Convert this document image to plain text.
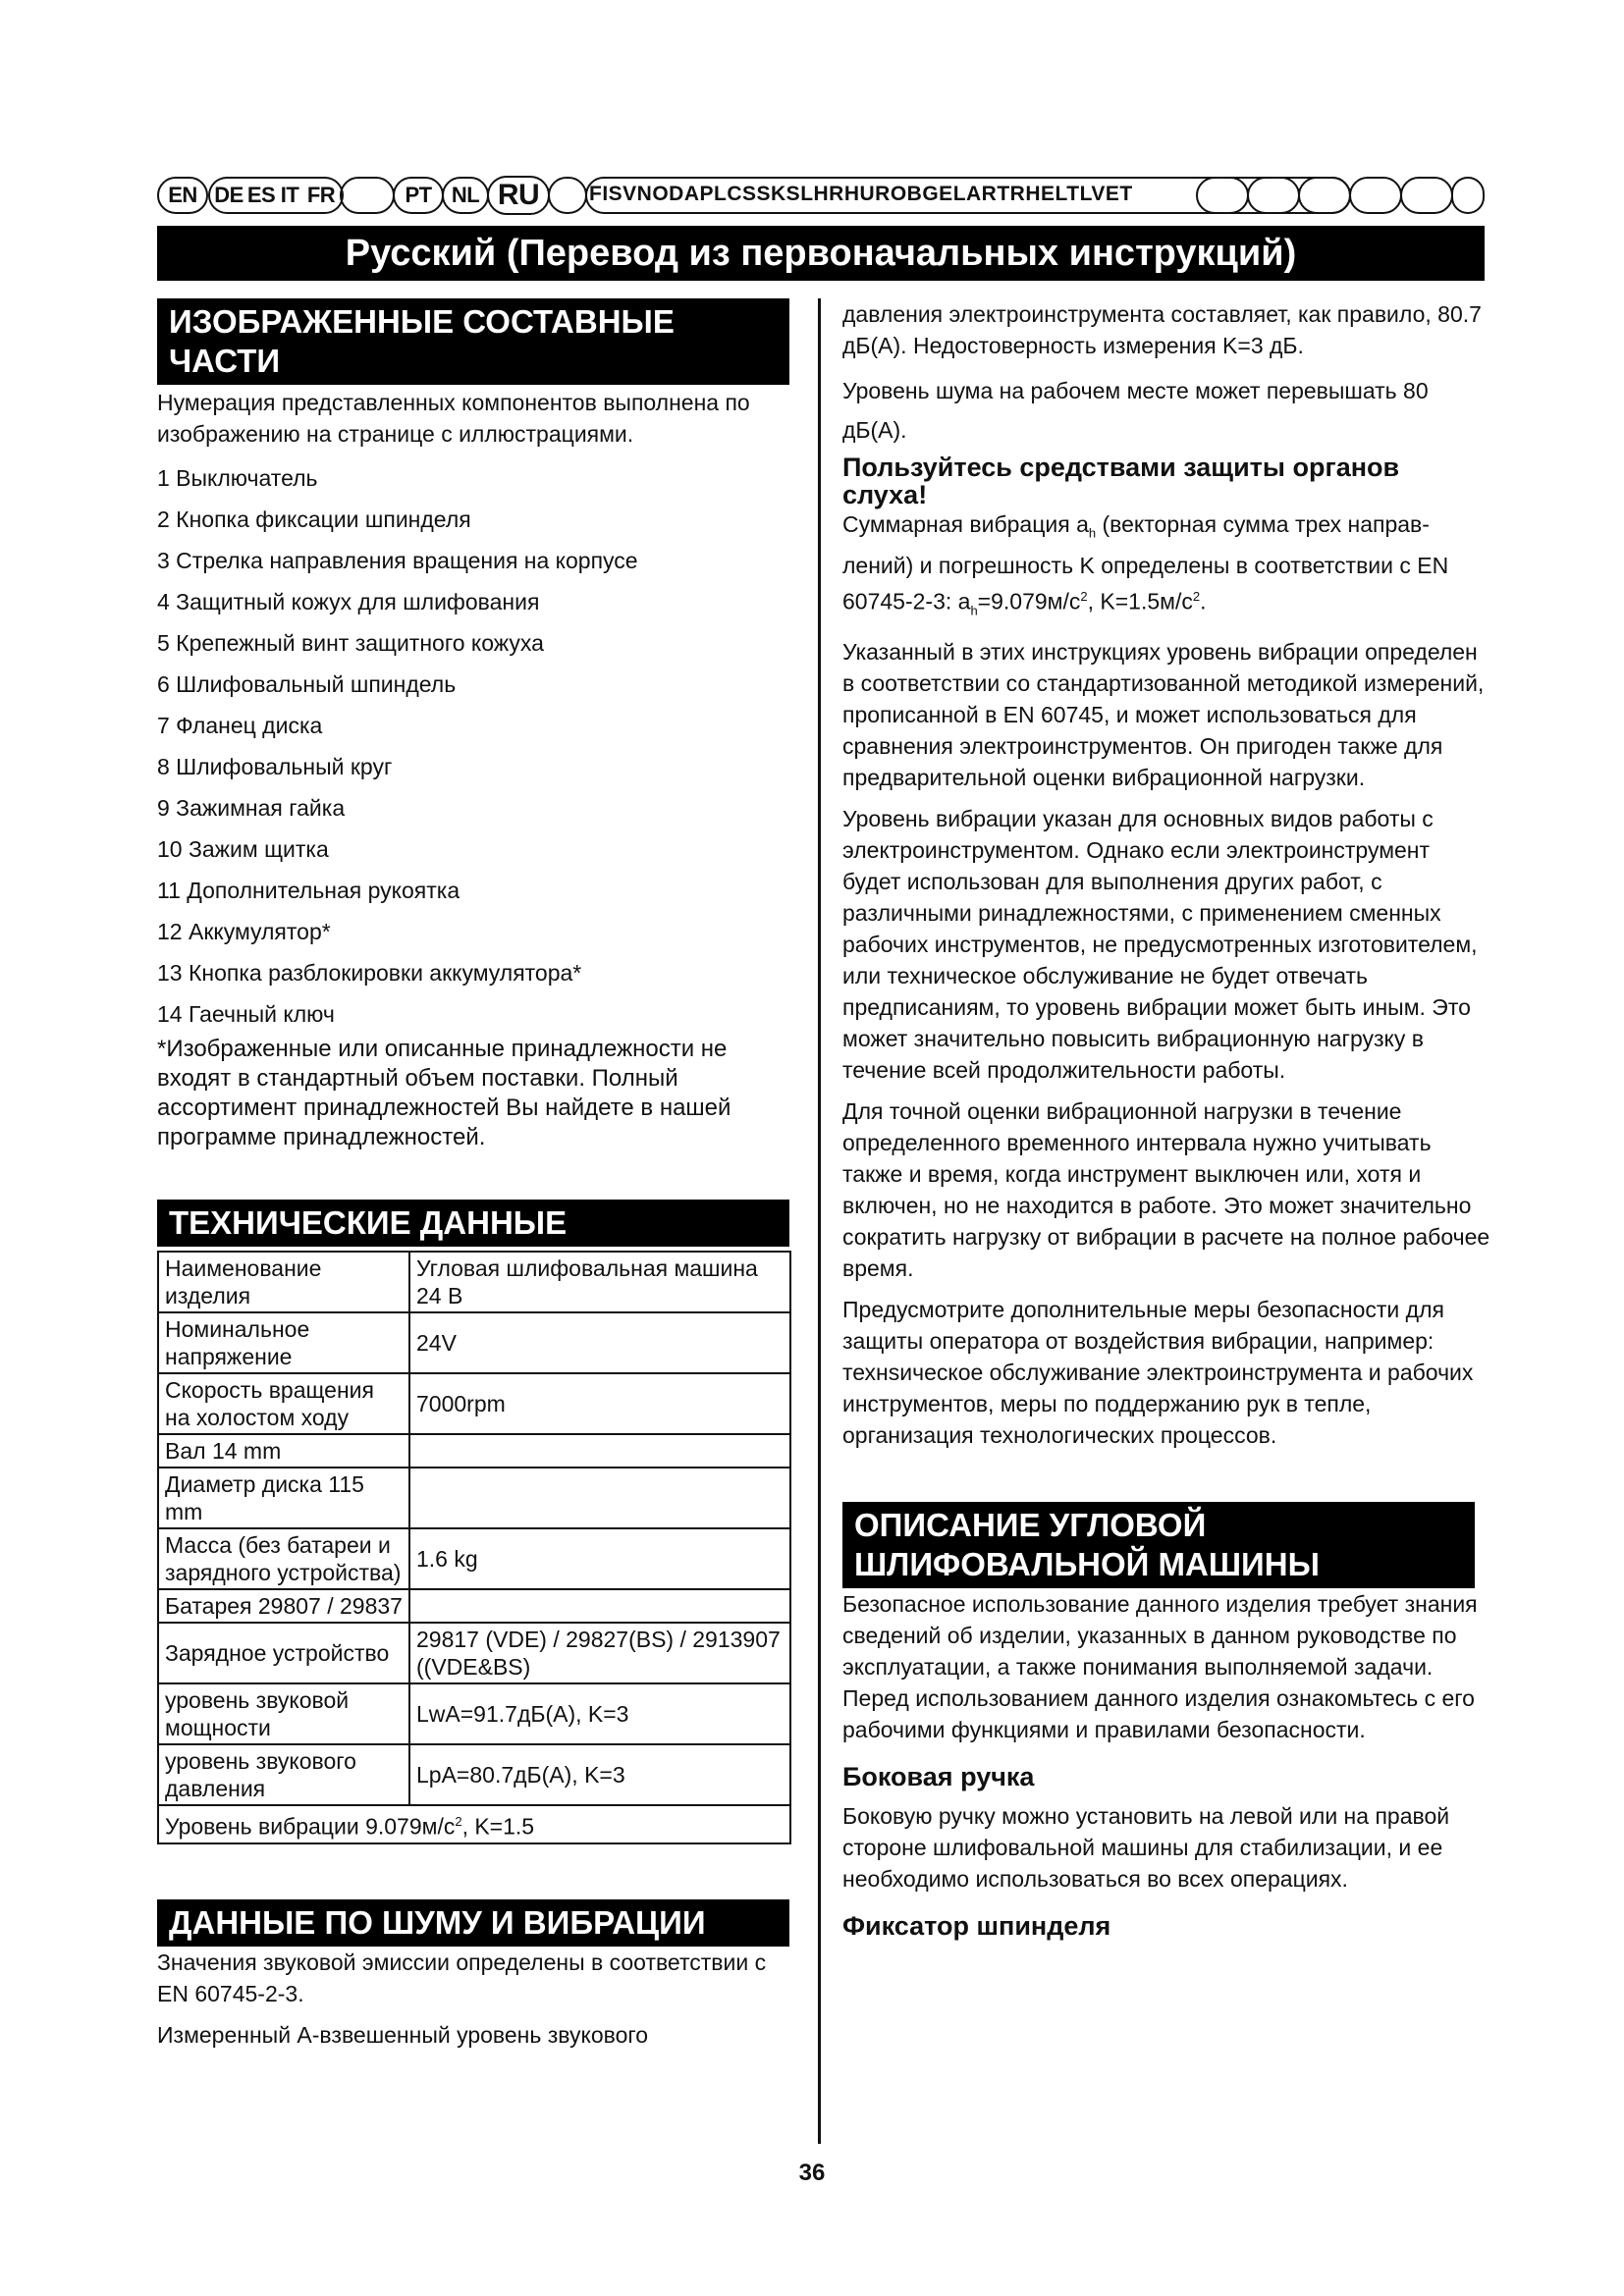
EN DE ES IT FR	PT NL RU	FISVNODAPLCSSKSLHRHUROBGELARTRHELTLVET
Русский (Перевод из первоначальных инструкций)
ИЗОБРАЖЕННЫЕ СОСТАВНЫЕ
ЧАСТИ

Нумерация представленных компонентов выполнена по изображению на странице с иллюстрациями.

1 Выключатель
2 Кнопка фиксации шпинделя
3 Стрелка направления вращения на корпусе
4 Защитный кожух для шлифования
5 Крепежный винт защитного кожуха
6 Шлифовальный шпиндель
7 Фланец диска
8 Шлифовальный круг
9 Зажимная гайка
10 Зажим щитка
11 Дополнительная рукоятка
12 Аккумулятор*
13 Кнопка разблокировки аккумулятора*
14 Гаечный ключ

*Изображенные или описанные принадлежности не входят в стандартный объем поставки. Полный ассортимент принадлежностей Вы найдете в нашей программе принадлежностей.

ТЕХНИЧЕСКИЕ ДАННЫЕ
Наименование изделия	Угловая шлифовальная машина 24 В
Номинальное напряжение	24V
Скорость вращения на холостом ходу	7000rpm
Вал 14 mm	
Диаметр диска 115 mm	
Масса (без батареи и зарядного устройства)	1.6 kg
Батарея 29807 / 29837	
Зарядное устройство	29817 (VDE) / 29827(BS) / 2913907 ((VDE&BS)
уровень звуковой мощности	LwA=91.7дБ(A), K=3
уровень звукового давления	LpA=80.7дБ(A), K=3
Уровень вибрации $9.079м/с^2$, K=1.5	
ДАННЫЕ ПО ШУМУ И ВИБРАЦИИ

Значения звуковой эмиссии определены в соответствии с EN 60745-2-3.

Измеренный А-взвешенный уровень звукового

давления электроинструмента составляет, как правило, 80.7 дБ(A). Недостоверность измерения K=3 дБ.

Уровень шума на рабочем месте может перевышать 80 дБ(A).

Пользуйтесь средствами защиты органов слуха!

Суммарная вибрация $a_h$ (векторная сумма трех направ- лений) и погрешность K определены в соответствии с EN 60745-2-3: $a_h=9.079м/с^2$, $K=1.5м/с^2$.

Указанный в этих инструкциях уровень вибрации определен в соответствии со стандартизованной методикой измерений, прописанной в EN 60745, и может использоваться для сравнения электроинструментов. Он пригоден также для предварительной оценки вибрационной нагрузки.

Уровень вибрации указан для основных видов работы с электроинструментом. Однако если электроинструмент будет использован для выполнения других работ, с различными ринадлежностями, с применением сменных рабочих инструментов, не предусмотренных изготовителем, или техническое обслуживание не будет отвечать предписаниям, то уровень вибрации может быть иным. Это может значительно повысить вибрационную нагрузку в течение всей продолжительности работы.

Для точной оценки вибрационной нагрузки в течение определенного временного интервала нужно учитывать также и время, когда инструмент выключен или, хотя и включен, но не находится в работе. Это может значительно сократить нагрузку от вибрации в расчете на полное рабочее время.

Предусмотрите дополнительные меры безопасности для защиты оператора от воздействия вибрации, например: технsическое обслуживание электроинструмента и рабочих инструментов, меры по поддержанию рук в тепле, организация технологических процессов.

ОПИСАНИЕ УГЛОВОЙ
ШЛИФОВАЛЬНОЙ МАШИНЫ

Безопасное использование данного изделия требует знания сведений об изделии, указанных в данном руководстве по эксплуатации, а также понимания выполняемой задачи. Перед использованием данного изделия ознакомьтесь с его рабочими функциями и правилами безопасности.

Боковая ручка

Боковую ручку можно установить на левой или на правой стороне шлифовальной машины для стабилизации, и ее необходимо использоваться во всех операциях.

Фиксатор шпинделя
36
